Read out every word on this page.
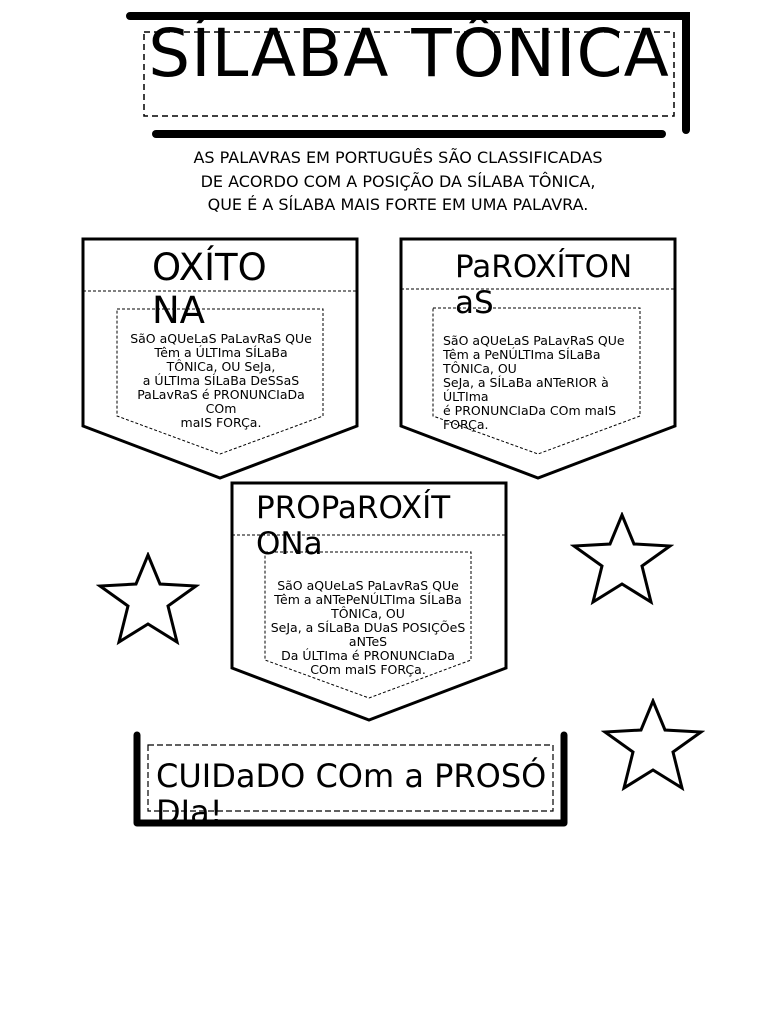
SÍLABA TÔNICA
AS PALAVRAS EM PORTUGUÊS SÃO CLASSIFICADAS
DE ACORDO COM A POSIÇÃO DA SÍLABA TÔNICA,
QUE É A SÍLABA MAIS FORTE EM UMA PALAVRA.
OXÍTONA
SãO aQUeLaS PaLavRaS QUe
Têm a ÚLTIma SÍLaBa
TÔNICa, OU SeJa,
a ÚLTIma SÍLaBa DeSSaS
PaLavRaS é PRONUNCIaDa
COm
maIS FORÇa.
PaROXÍTONaS
SãO aQUeLaS PaLavRaS QUe
Têm a PeNÚLTIma SÍLaBa
TÔNICa, OU
SeJa, a SÍLaBa aNTeRIOR à
ÚLTIma
é PRONUNCIaDa COm maIS
FORÇa.
PROPaROXÍTONa
SãO aQUeLaS PaLavRaS QUe
Têm a aNTePeNÚLTIma SÍLaBa
TÔNICa, OU
SeJa, a SÍLaBa DUaS POSIÇÕeS
aNTeS
Da ÚLTIma é PRONUNCIaDa
COm maIS FORÇa.
CUIDaDO COm a PROSÓDIa!
